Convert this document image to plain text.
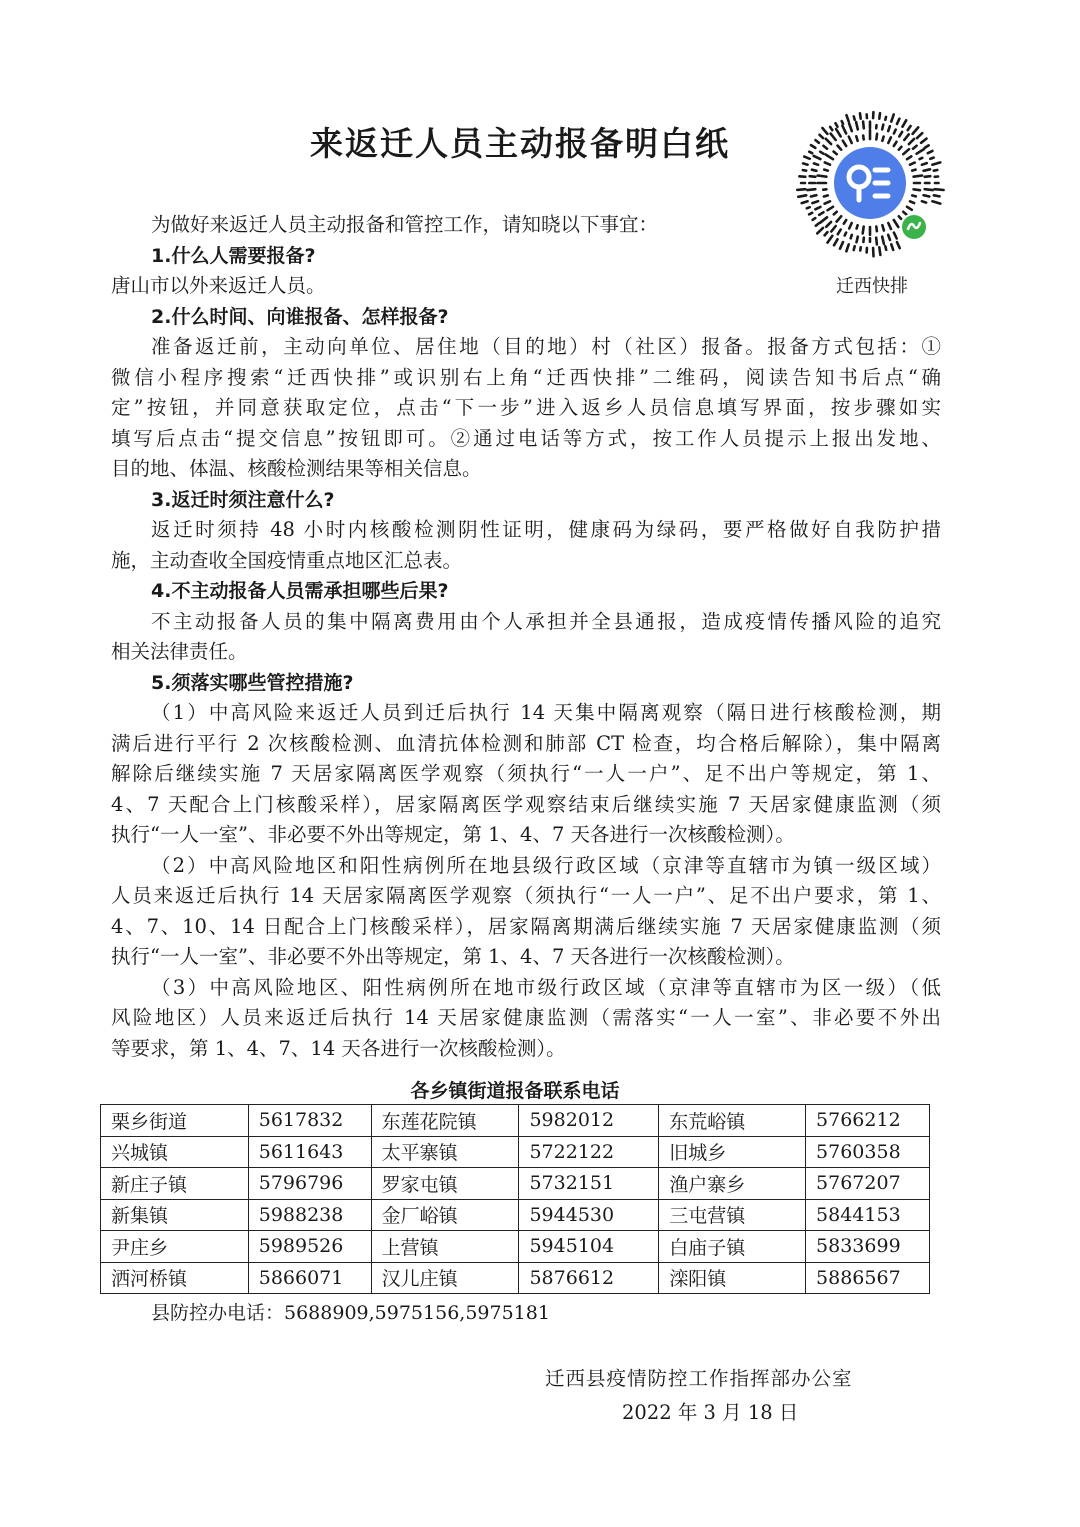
来返迁人员主动报备明白纸
迁西快排

为做好来返迁人员主动报备和管控工作，请知晓以下事宜：

1.什么人需要报备?

唐山市以外来返迁人员。

2.什么时间、向谁报备、怎样报备?

准备返迁前，主动向单位、居住地（目的地）村（社区）报备。报备方式包括：①

微信小程序搜索“迁西快排”或识别右上角“迁西快排”二维码，阅读告知书后点“确

定”按钮，并同意获取定位，点击“下一步”进入返乡人员信息填写界面，按步骤如实

填写后点击“提交信息”按钮即可。②通过电话等方式，按工作人员提示上报出发地、

目的地、体温、核酸检测结果等相关信息。

3.返迁时须注意什么?

返迁时须持 48 小时内核酸检测阴性证明，健康码为绿码，要严格做好自我防护措

施，主动查收全国疫情重点地区汇总表。

4.不主动报备人员需承担哪些后果?

不主动报备人员的集中隔离费用由个人承担并全县通报，造成疫情传播风险的追究

相关法律责任。

5.须落实哪些管控措施?

（1）中高风险来返迁人员到迁后执行 14 天集中隔离观察（隔日进行核酸检测，期

满后进行平行 2 次核酸检测、血清抗体检测和肺部 CT 检查，均合格后解除），集中隔离

解除后继续实施 7 天居家隔离医学观察（须执行“一人一户”、足不出户等规定，第 1、

4、7 天配合上门核酸采样），居家隔离医学观察结束后继续实施 7 天居家健康监测（须

执行“一人一室”、非必要不外出等规定，第 1、4、7 天各进行一次核酸检测）。

（2）中高风险地区和阳性病例所在地县级行政区域（京津等直辖市为镇一级区域）

人员来返迁后执行 14 天居家隔离医学观察（须执行“一人一户”、足不出户要求，第 1、

4、7、10、14 日配合上门核酸采样），居家隔离期满后继续实施 7 天居家健康监测（须

执行“一人一室”、非必要不外出等规定，第 1、4、7 天各进行一次核酸检测）。

（3）中高风险地区、阳性病例所在地市级行政区域（京津等直辖市为区一级）（低

风险地区）人员来返迁后执行 14 天居家健康监测（需落实“一人一室”、非必要不外出

等要求，第 1、4、7、14 天各进行一次核酸检测）。

各乡镇街道报备联系电话
栗乡街道	5617832	东莲花院镇	5982012	东荒峪镇	5766212
兴城镇	5611643	太平寨镇	5722122	旧城乡	5760358
新庄子镇	5796796	罗家屯镇	5732151	渔户寨乡	5767207
新集镇	5988238	金厂峪镇	5944530	三屯营镇	5844153
尹庄乡	5989526	上营镇	5945104	白庙子镇	5833699
洒河桥镇	5866071	汉儿庄镇	5876612	滦阳镇	5886567
县防控办电话：5688909,5975156,5975181
迁西县疫情防控工作指挥部办公室
2022 年 3 月 18 日
